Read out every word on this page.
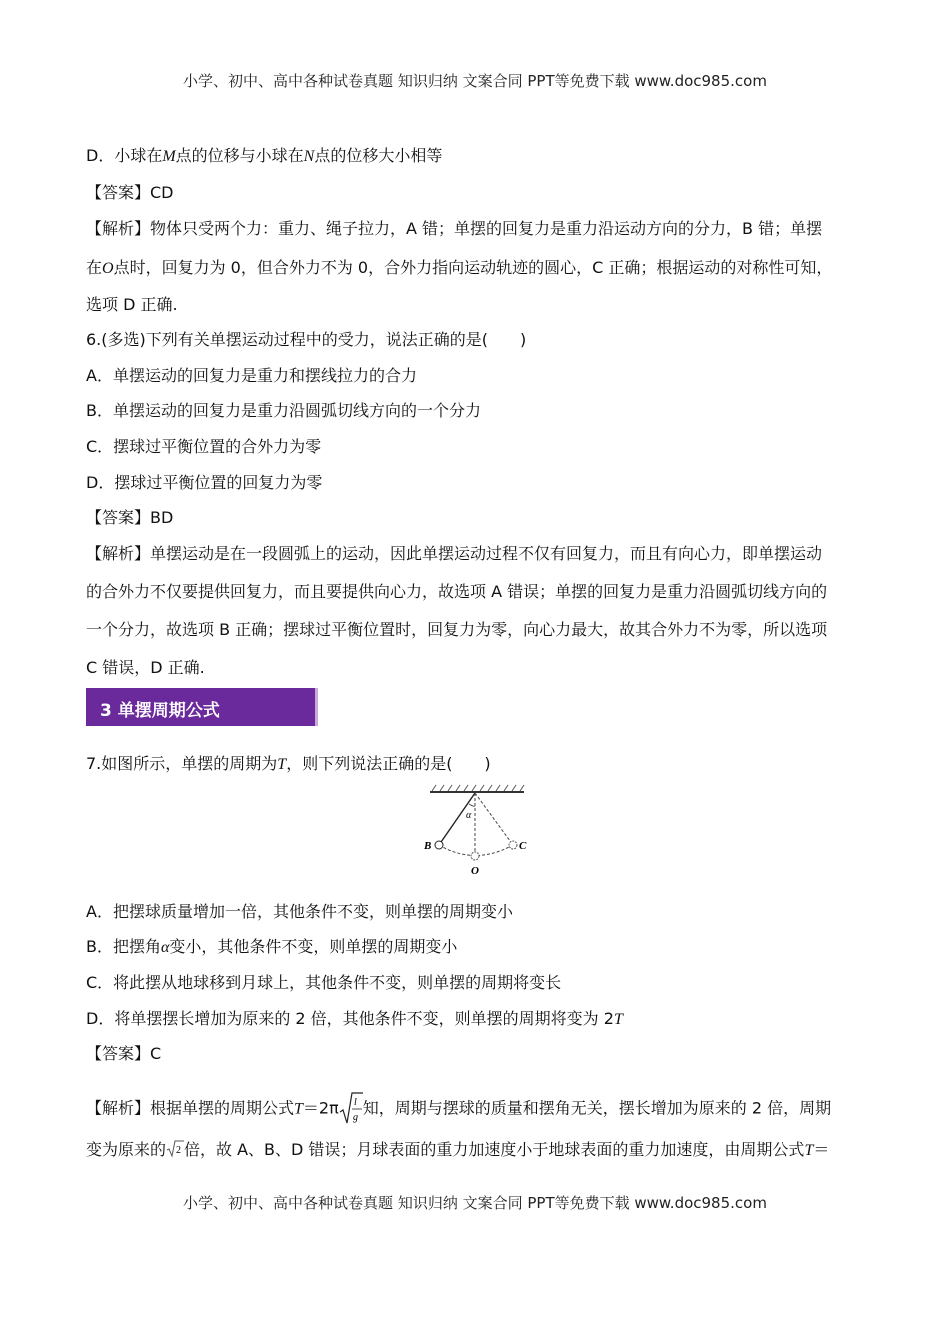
小学、初中、高中各种试卷真题 知识归纳 文案合同 PPT等免费下载 www.doc985.com
D．小球在M点的位移与小球在N点的位移大小相等
【答案】CD
【解析】物体只受两个力：重力、绳子拉力，A 错；单摆的回复力是重力沿运动方向的分力，B 错；单摆
在O点时，回复力为 0，但合外力不为 0，合外力指向运动轨迹的圆心，C 正确；根据运动的对称性可知，
选项 D 正确.
6.(多选)下列有关单摆运动过程中的受力，说法正确的是(　　)
A．单摆运动的回复力是重力和摆线拉力的合力
B．单摆运动的回复力是重力沿圆弧切线方向的一个分力
C．摆球过平衡位置的合外力为零
D．摆球过平衡位置的回复力为零
【答案】BD
【解析】单摆运动是在一段圆弧上的运动，因此单摆运动过程不仅有回复力，而且有向心力，即单摆运动
的合外力不仅要提供回复力，而且要提供向心力，故选项 A 错误；单摆的回复力是重力沿圆弧切线方向的
一个分力，故选项 B 正确；摆球过平衡位置时，回复力为零，向心力最大，故其合外力不为零，所以选项
C 错误，D 正确.
3 单摆周期公式
7.如图所示，单摆的周期为T，则下列说法正确的是(　　)
α
B	C
O
A．把摆球质量增加一倍，其他条件不变，则单摆的周期变小
B．把摆角α变小，其他条件不变，则单摆的周期变小
C．将此摆从地球移到月球上，其他条件不变，则单摆的周期将变长
D．将单摆摆长增加为原来的 2 倍，其他条件不变，则单摆的周期将变为 2T
【答案】C
【解析】根据单摆的周期公式T＝2π l
g 知，周期与摆球的质量和摆角无关，摆长增加为原来的 2 倍，周期
变为原来的 2 倍，故 A、B、D 错误；月球表面的重力加速度小于地球表面的重力加速度，由周期公式T＝
小学、初中、高中各种试卷真题 知识归纳 文案合同 PPT等免费下载 www.doc985.com
